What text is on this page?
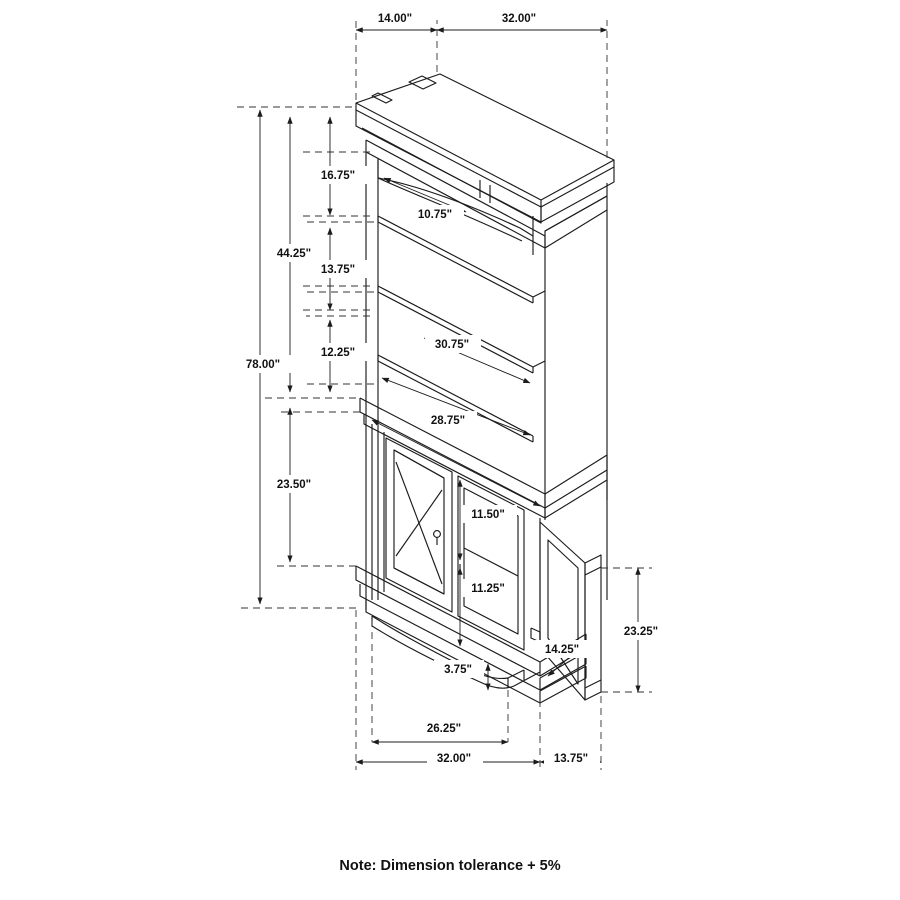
14.00"	32.00"
16.75"
10.75"
44.25"
13.75"
12.25"
78.00"
30.75"
28.75"
23.50"
11.50"
11.25"
14.25"
23.25"
3.75"
26.25"
32.00"	13.75"
Note: Dimension tolerance + 5%
